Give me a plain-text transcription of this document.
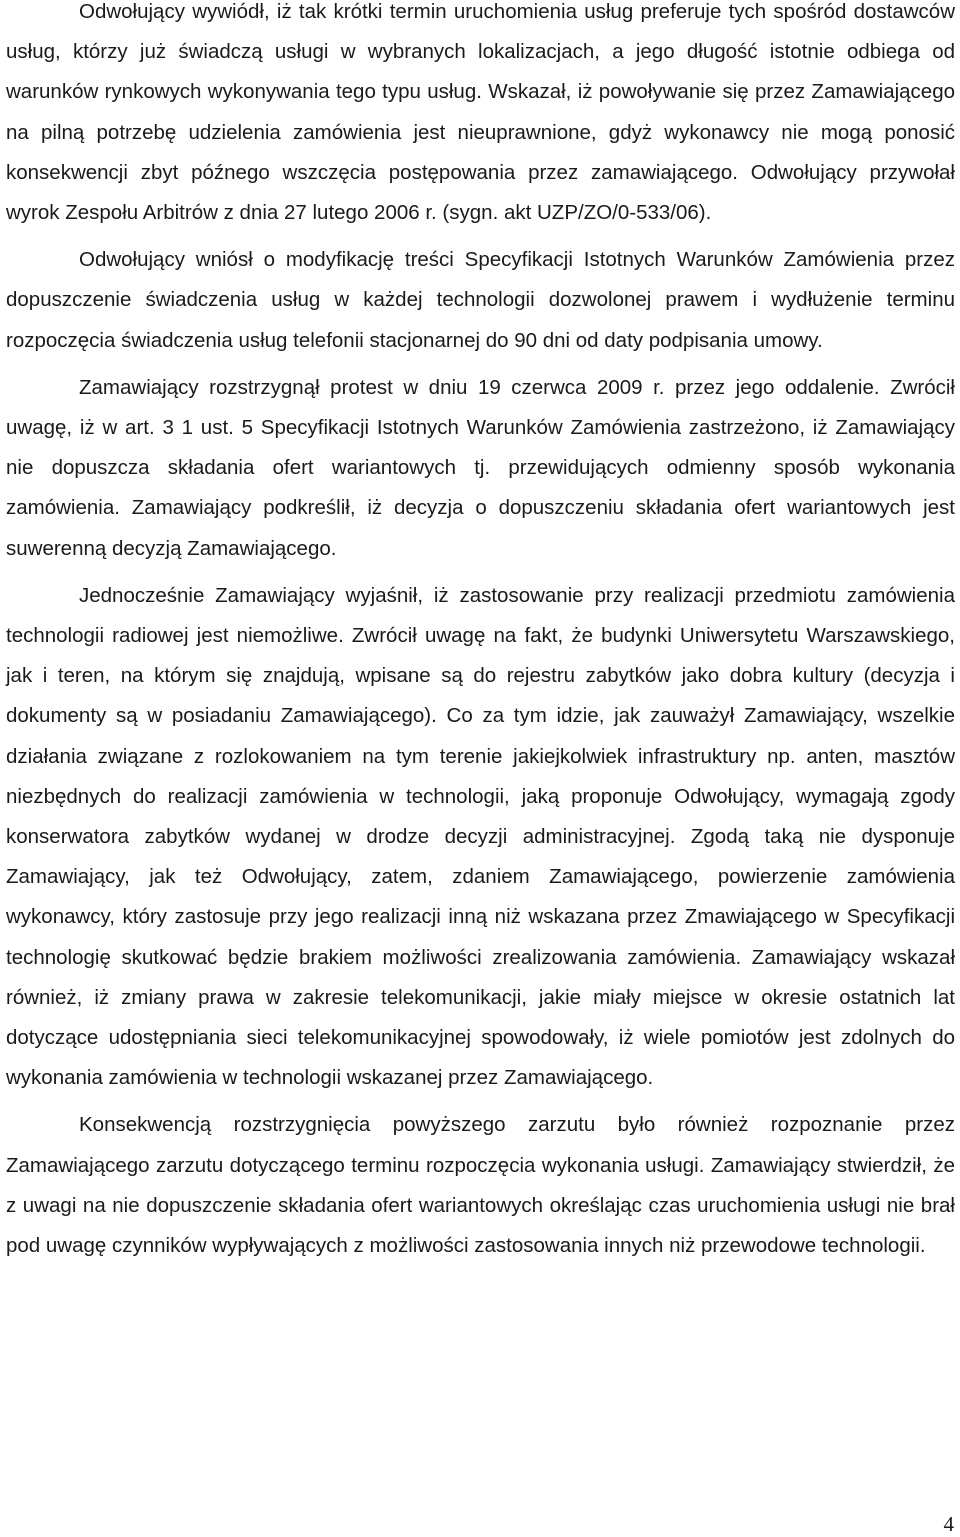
Odwołujący wywiódł, iż tak krótki termin uruchomienia usług preferuje tych spośród dostawców usług, którzy już świadczą usługi w wybranych lokalizacjach, a jego długość istotnie odbiega od warunków rynkowych wykonywania tego typu usług. Wskazał, iż powoływanie się przez Zamawiającego na pilną potrzebę udzielenia zamówienia jest nieuprawnione, gdyż wykonawcy nie mogą ponosić konsekwencji zbyt późnego wszczęcia postępowania przez zamawiającego. Odwołujący przywołał wyrok Zespołu Arbitrów z dnia 27 lutego 2006 r. (sygn. akt UZP/ZO/0-533/06).

Odwołujący wniósł o modyfikację treści Specyfikacji Istotnych Warunków Zamówienia przez dopuszczenie świadczenia usług w każdej technologii dozwolonej prawem i wydłużenie terminu rozpoczęcia świadczenia usług telefonii stacjonarnej do 90 dni od daty podpisania umowy.

Zamawiający rozstrzygnął protest w dniu 19 czerwca 2009 r. przez jego oddalenie. Zwrócił uwagę, iż w art. 3 1 ust. 5 Specyfikacji Istotnych Warunków Zamówienia zastrzeżono, iż Zamawiający nie dopuszcza składania ofert wariantowych tj. przewidujących odmienny sposób wykonania zamówienia. Zamawiający podkreślił, iż decyzja o dopuszczeniu składania ofert wariantowych jest suwerenną decyzją Zamawiającego.

Jednocześnie Zamawiający wyjaśnił, iż zastosowanie przy realizacji przedmiotu zamówienia technologii radiowej jest niemożliwe. Zwrócił uwagę na fakt, że budynki Uniwersytetu Warszawskiego, jak i teren, na którym się znajdują, wpisane są do rejestru zabytków jako dobra kultury (decyzja i dokumenty są w posiadaniu Zamawiającego). Co za tym idzie, jak zauważył Zamawiający, wszelkie działania związane z rozlokowaniem na tym terenie jakiejkolwiek infrastruktury np. anten, masztów niezbędnych do realizacji zamówienia w technologii, jaką proponuje Odwołujący, wymagają zgody konserwatora zabytków wydanej w drodze decyzji administracyjnej. Zgodą taką nie dysponuje Zamawiający, jak też Odwołujący, zatem, zdaniem Zamawiającego, powierzenie zamówienia wykonawcy, który zastosuje przy jego realizacji inną niż wskazana przez Zmawiającego w Specyfikacji technologię skutkować będzie brakiem możliwości zrealizowania zamówienia. Zamawiający wskazał również, iż zmiany prawa w zakresie telekomunikacji, jakie miały miejsce w okresie ostatnich lat dotyczące udostępniania sieci telekomunikacyjnej spowodowały, iż wiele pomiotów jest zdolnych do wykonania zamówienia w technologii wskazanej przez Zamawiającego.

Konsekwencją rozstrzygnięcia powyższego zarzutu było również rozpoznanie przez Zamawiającego zarzutu dotyczącego terminu rozpoczęcia wykonania usługi. Zamawiający stwierdził, że z uwagi na nie dopuszczenie składania ofert wariantowych określając czas uruchomienia usługi nie brał pod uwagę czynników wypływających z możliwości zastosowania innych niż przewodowe technologii.

4
